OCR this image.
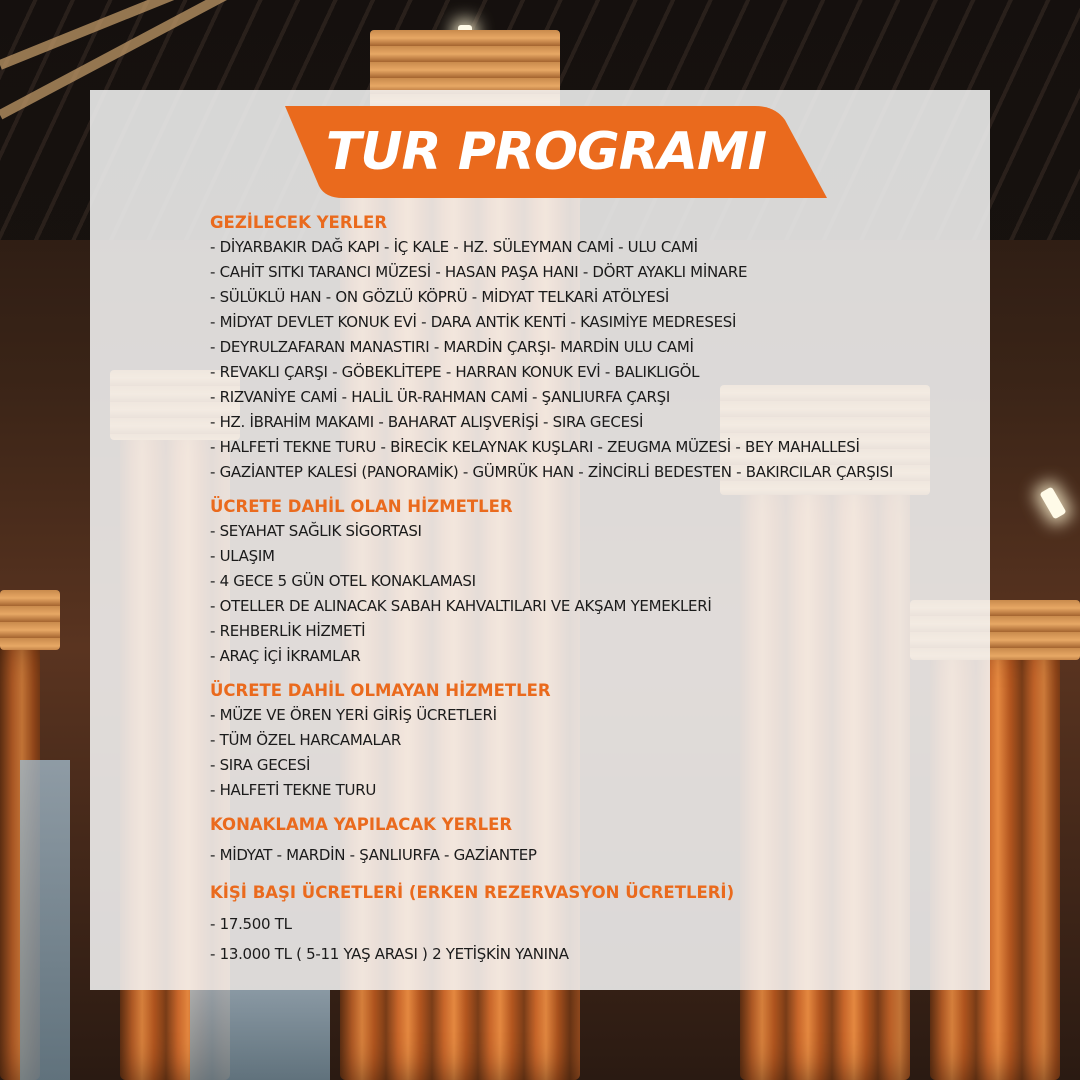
TUR PROGRAMI

GEZİLECEK YERLER

- DİYARBAKIR DAĞ KAPI - İÇ KALE - HZ. SÜLEYMAN CAMİ - ULU CAMİ

- CAHİT SITKI TARANCI MÜZESİ - HASAN PAŞA HANI - DÖRT AYAKLI MİNARE

- SÜLÜKLÜ HAN - ON GÖZLÜ KÖPRÜ - MİDYAT TELKARİ ATÖLYESİ

- MİDYAT DEVLET KONUK EVİ - DARA ANTİK KENTİ - KASIMİYE MEDRESESİ

- DEYRULZAFARAN MANASTIRI - MARDİN ÇARŞI- MARDİN ULU CAMİ

- REVAKLI ÇARŞI - GÖBEKLİTEPE - HARRAN KONUK EVİ - BALIKLIGÖL

- RIZVANİYE CAMİ - HALİL ÜR-RAHMAN CAMİ - ŞANLIURFA ÇARŞI

- HZ. İBRAHİM MAKAMI - BAHARAT ALIŞVERİŞİ - SIRA GECESİ

- HALFETİ TEKNE TURU - BİRECİK KELAYNAK KUŞLARI - ZEUGMA MÜZESİ - BEY MAHALLESİ

- GAZİANTEP KALESİ (PANORAMİK) - GÜMRÜK HAN - ZİNCİRLİ BEDESTEN - BAKIRCILAR ÇARŞISI

ÜCRETE DAHİL OLAN HİZMETLER

- SEYAHAT SAĞLIK SİGORTASI

- ULAŞIM

- 4 GECE 5 GÜN OTEL KONAKLAMASI

- OTELLER DE ALINACAK SABAH KAHVALTILARI VE AKŞAM YEMEKLERİ

- REHBERLİK HİZMETİ

- ARAÇ İÇİ İKRAMLAR

ÜCRETE DAHİL OLMAYAN HİZMETLER

- MÜZE VE ÖREN YERİ GİRİŞ ÜCRETLERİ

- TÜM ÖZEL HARCAMALAR

- SIRA GECESİ

- HALFETİ TEKNE TURU

KONAKLAMA YAPILACAK YERLER

- MİDYAT - MARDİN - ŞANLIURFA - GAZİANTEP

KİŞİ BAŞI ÜCRETLERİ (ERKEN REZERVASYON ÜCRETLERİ)

- 17.500 TL

- 13.000 TL ( 5-11 YAŞ ARASI ) 2 YETİŞKİN YANINA
